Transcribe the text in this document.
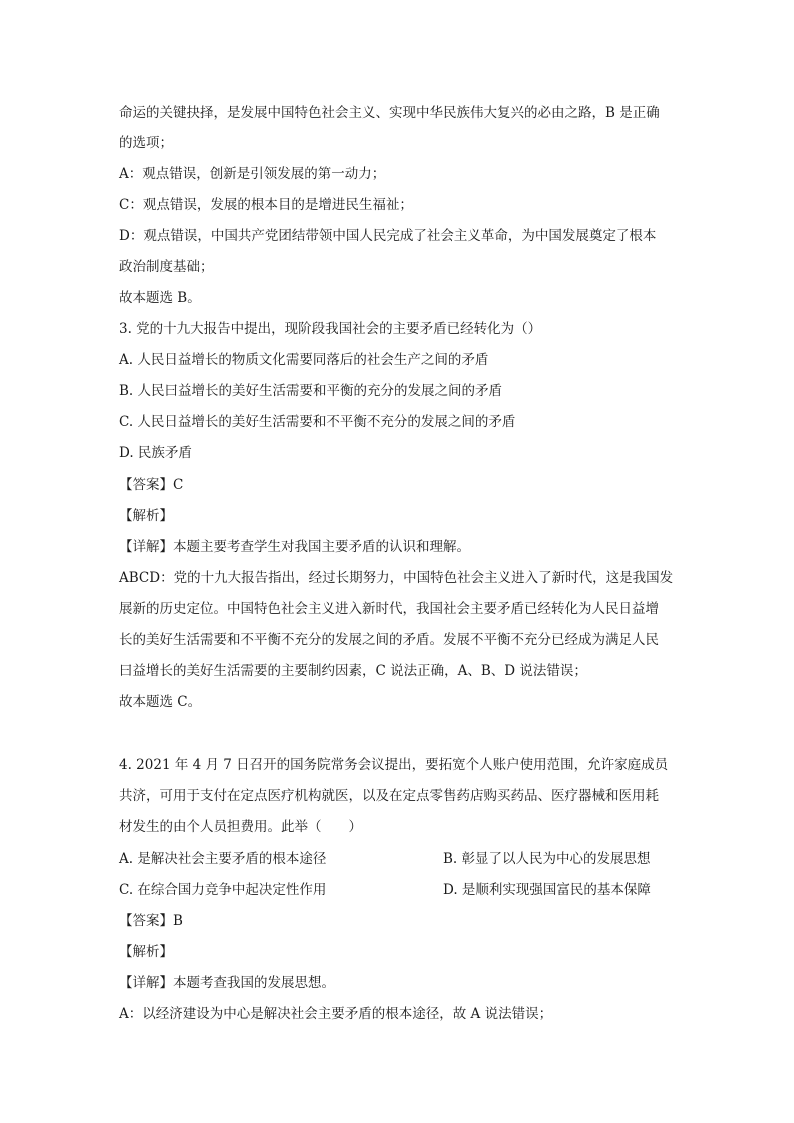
命运的关键抉择，是发展中国特色社会主义、实现中华民族伟大复兴的必由之路，B 是正确
的选项；
A：观点错误，创新是引领发展的第一动力；
C：观点错误，发展的根本目的是增进民生福祉；
D：观点错误，中国共产党团结带领中国人民完成了社会主义革命，为中国发展奠定了根本
政治制度基础；
故本题选 B。
3. 党的十九大报告中提出，现阶段我国社会的主要矛盾已经转化为（）
A. 人民日益增长的物质文化需要同落后的社会生产之间的矛盾
B. 人民曰益增长的美好生活需要和平衡的充分的发展之间的矛盾
C. 人民日益增长的美好生活需要和不平衡不充分的发展之间的矛盾
D. 民族矛盾
【答案】C
【解析】
【详解】本题主要考查学生对我国主要矛盾的认识和理解。
ABCD：党的十九大报告指出，经过长期努力，中国特色社会主义进入了新时代，这是我国发
展新的历史定位。中国特色社会主义进入新时代，我国社会主要矛盾已经转化为人民日益增
长的美好生活需要和不平衡不充分的发展之间的矛盾。发展不平衡不充分已经成为满足人民
曰益增长的美好生活需要的主要制约因素，C 说法正确，A、B、D 说法错误；
故本题选 C。
4. 2021 年 4 月 7 日召开的国务院常务会议提出，要拓宽个人账户使用范围，允许家庭成员
共济，可用于支付在定点医疗机构就医，以及在定点零售药店购买药品、医疗器械和医用耗
材发生的由个人员担费用。此举（　　）
A. 是解决社会主要矛盾的根本途径	B. 彰显了以人民为中心的发展思想
C. 在综合国力竞争中起决定性作用	D. 是顺利实现强国富民的基本保障
【答案】B
【解析】
【详解】本题考查我国的发展思想。
A：以经济建设为中心是解决社会主要矛盾的根本途径，故 A 说法错误；
